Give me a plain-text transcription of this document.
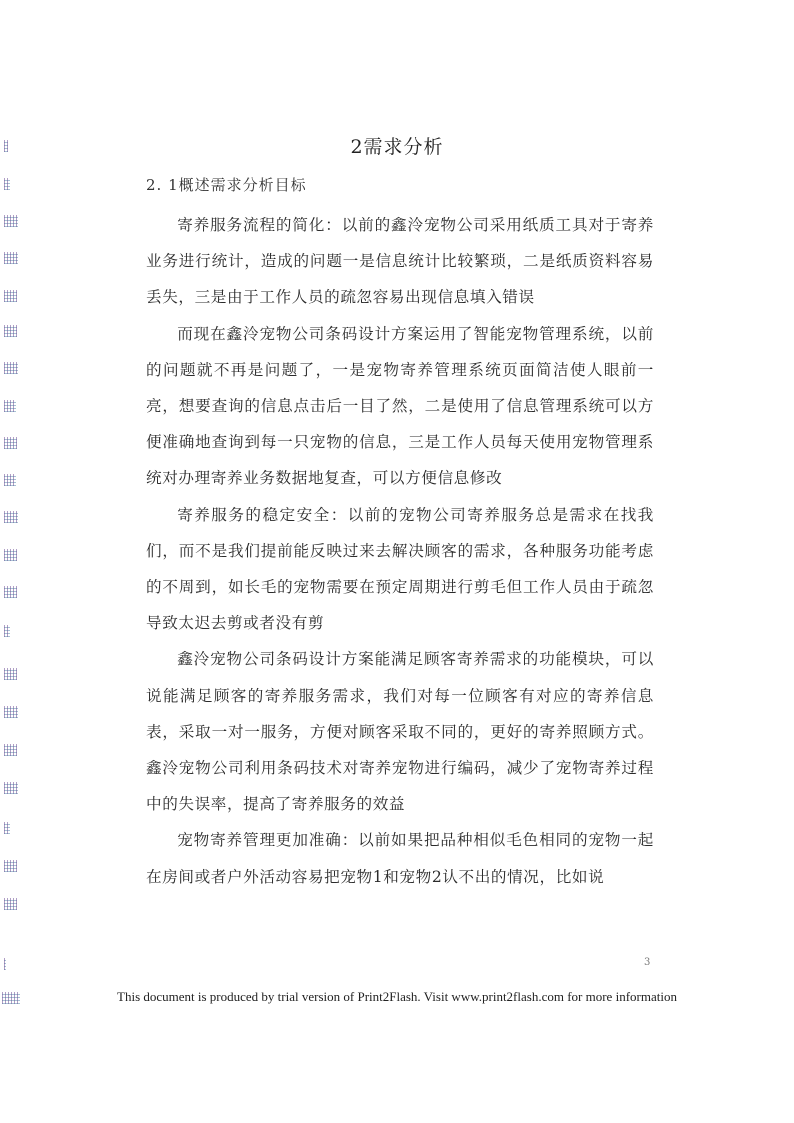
2需求分析
2. 1概述需求分析目标

寄养服务流程的简化：以前的鑫泠宠物公司采用纸质工具对于寄养业务进行统计，造成的问题一是信息统计比较繁琐，二是纸质资料容易丢失，三是由于工作人员的疏忽容易出现信息填入错误

而现在鑫泠宠物公司条码设计方案运用了智能宠物管理系统，以前的问题就不再是问题了，一是宠物寄养管理系统页面简洁使人眼前一亮，想要查询的信息点击后一目了然，二是使用了信息管理系统可以方便准确地查询到每一只宠物的信息，三是工作人员每天使用宠物管理系统对办理寄养业务数据地复查，可以方便信息修改

寄养服务的稳定安全：以前的宠物公司寄养服务总是需求在找我们，而不是我们提前能反映过来去解决顾客的需求，各种服务功能考虑的不周到，如长毛的宠物需要在预定周期进行剪毛但工作人员由于疏忽导致太迟去剪或者没有剪

鑫泠宠物公司条码设计方案能满足顾客寄养需求的功能模块，可以说能满足顾客的寄养服务需求，我们对每一位顾客有对应的寄养信息表，采取一对一服务，方便对顾客采取不同的，更好的寄养照顾方式。鑫泠宠物公司利用条码技术对寄养宠物进行编码，减少了宠物寄养过程中的失误率，提高了寄养服务的效益

宠物寄养管理更加准确：以前如果把品种相似毛色相同的宠物一起在房间或者户外活动容易把宠物1和宠物2认不出的情况，比如说

3
This document is produced by trial version of Print2Flash. Visit www.print2flash.com for more information
